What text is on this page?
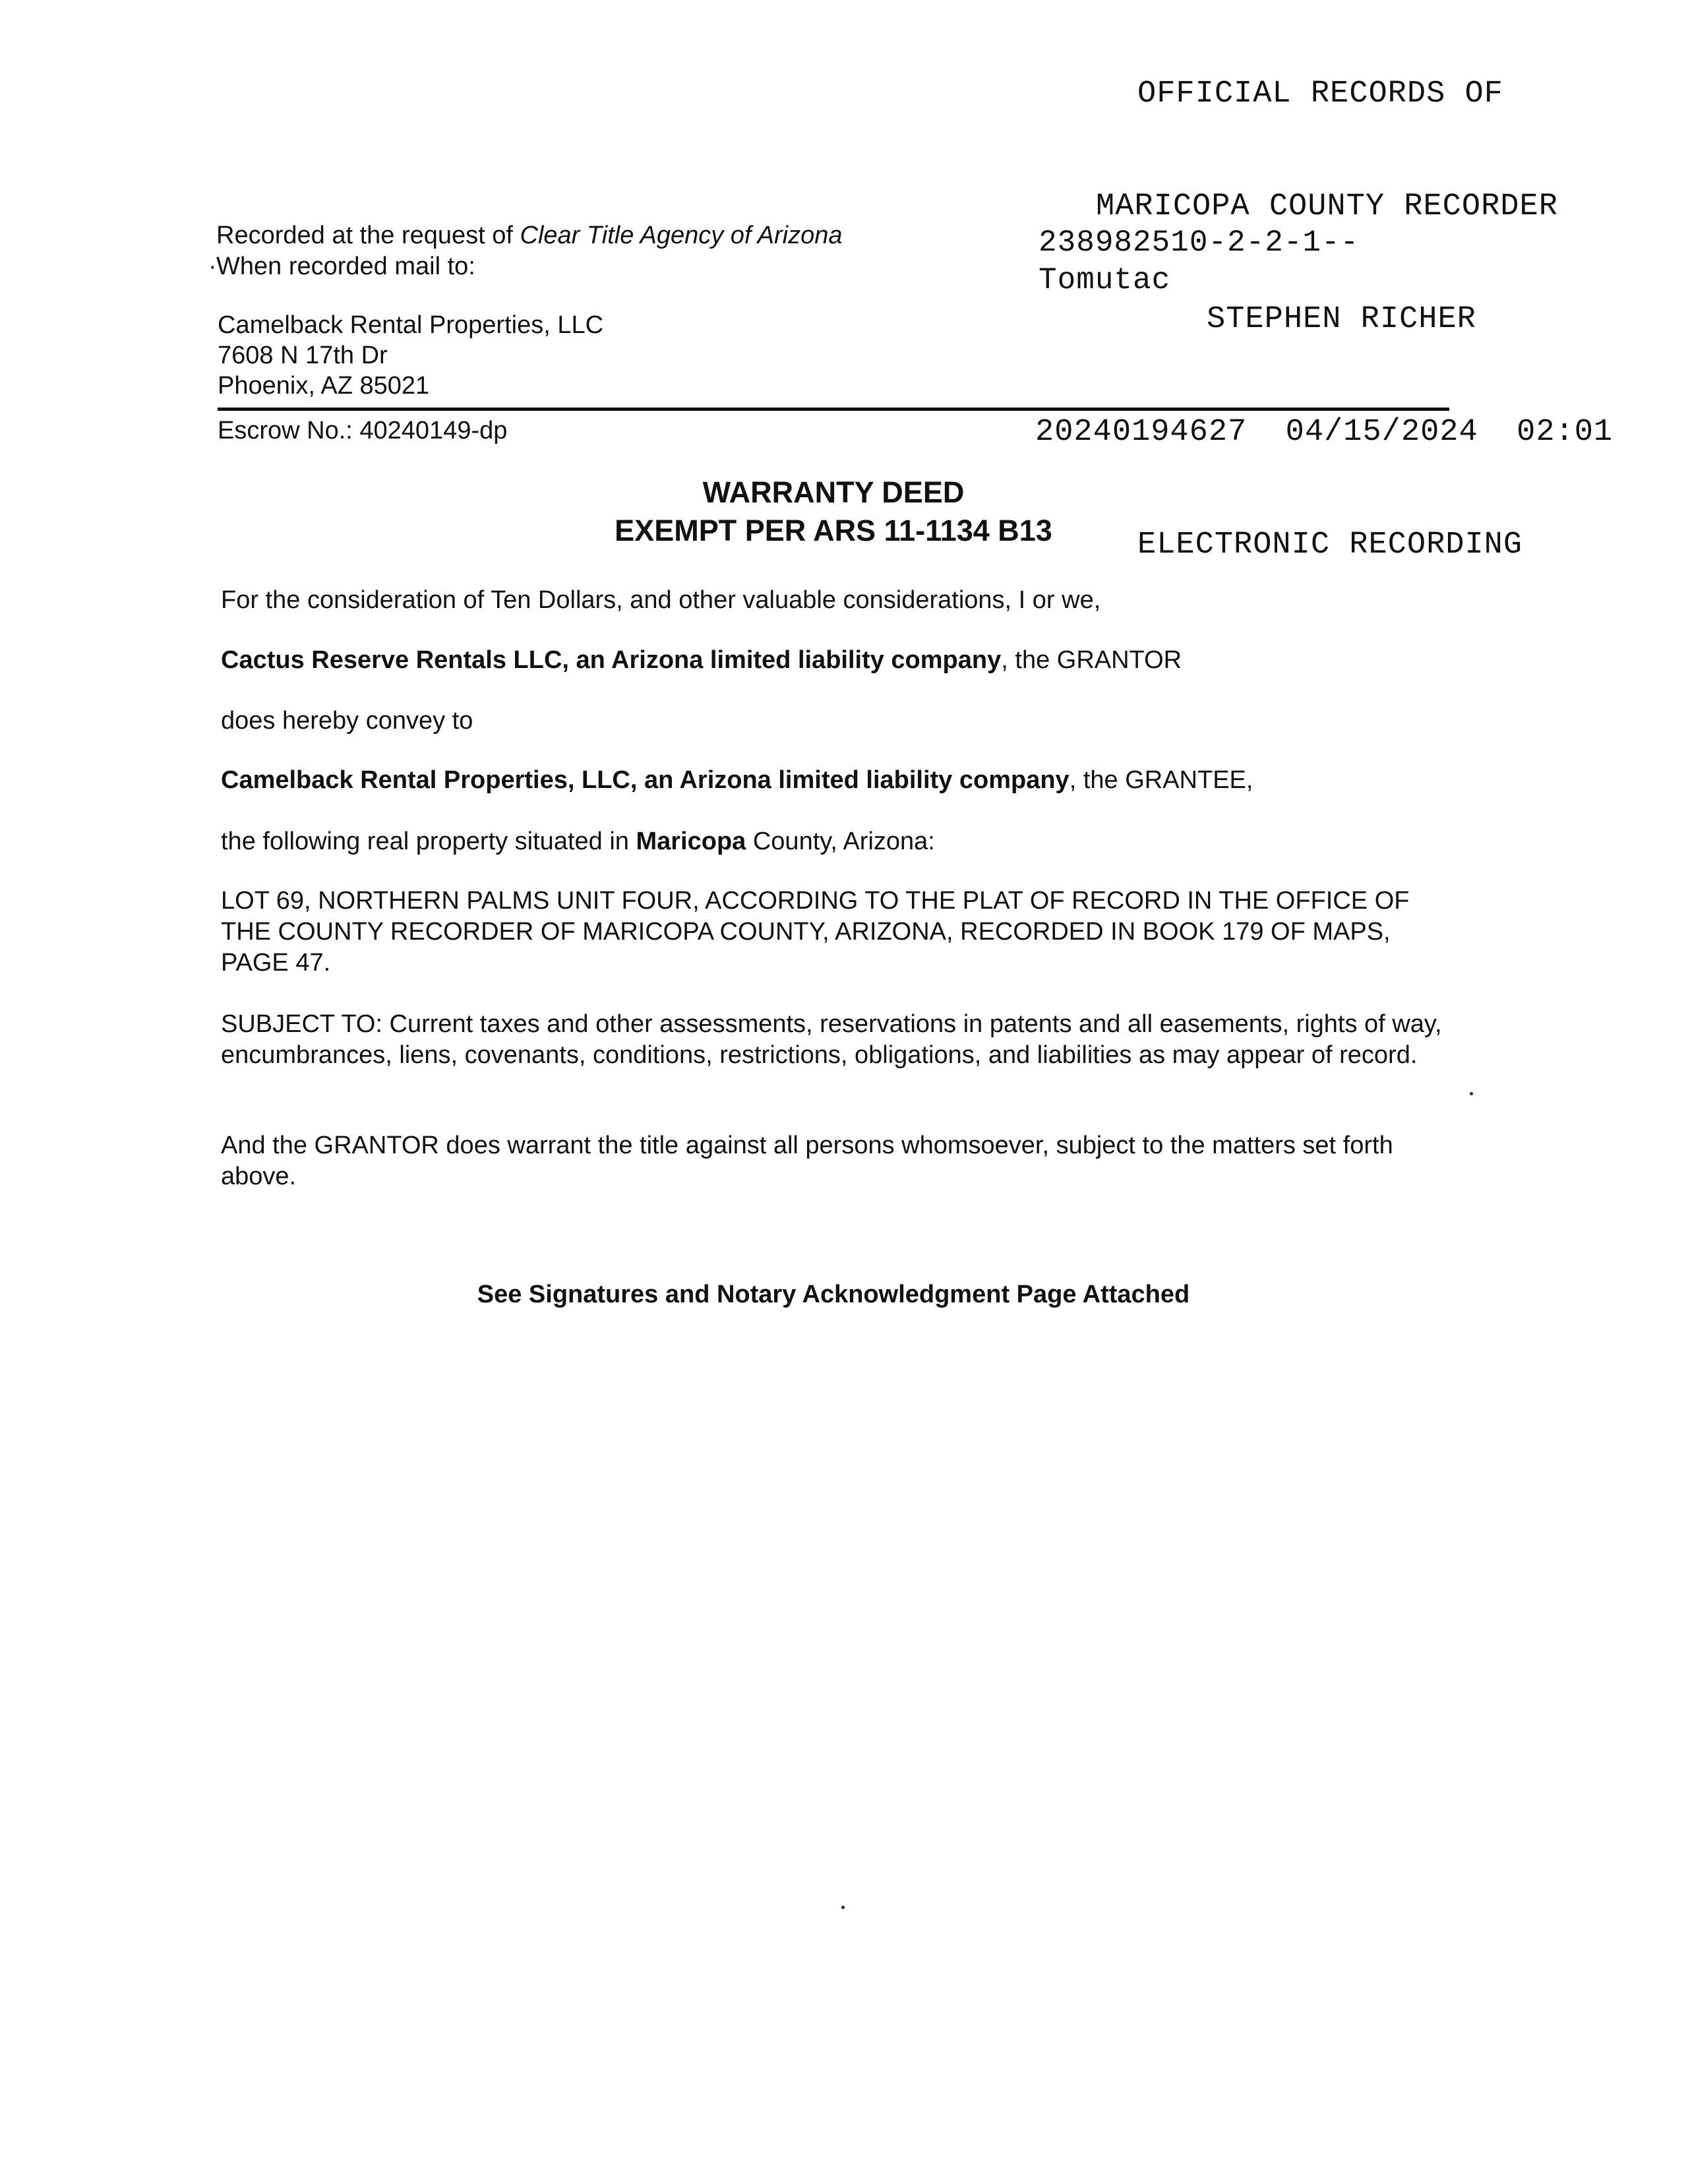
OFFICIAL RECORDS OF

MARICOPA COUNTY RECORDER

STEPHEN RICHER

20240194627  04/15/2024  02:01

ELECTRONIC RECORDING

Recorded at the request of Clear Title Agency of Arizona
·When recorded mail to:
238982510-2-2-1--
Tomutac
Camelback Rental Properties, LLC
7608 N 17th Dr
Phoenix, AZ 85021
Escrow No.: 40240149-dp
WARRANTY DEED
EXEMPT PER ARS 11-1134 B13
For the consideration of Ten Dollars, and other valuable considerations, I or we,
Cactus Reserve Rentals LLC, an Arizona limited liability company, the GRANTOR
does hereby convey to
Camelback Rental Properties, LLC, an Arizona limited liability company, the GRANTEE,
the following real property situated in Maricopa County, Arizona:
LOT 69, NORTHERN PALMS UNIT FOUR, ACCORDING TO THE PLAT OF RECORD IN THE OFFICE OF THE COUNTY RECORDER OF MARICOPA COUNTY, ARIZONA, RECORDED IN BOOK 179 OF MAPS, PAGE 47.
SUBJECT TO: Current taxes and other assessments, reservations in patents and all easements, rights of way, encumbrances, liens, covenants, conditions, restrictions, obligations, and liabilities as may appear of record.
And the GRANTOR does warrant the title against all persons whomsoever, subject to the matters set forth above.
See Signatures and Notary Acknowledgment Page Attached
